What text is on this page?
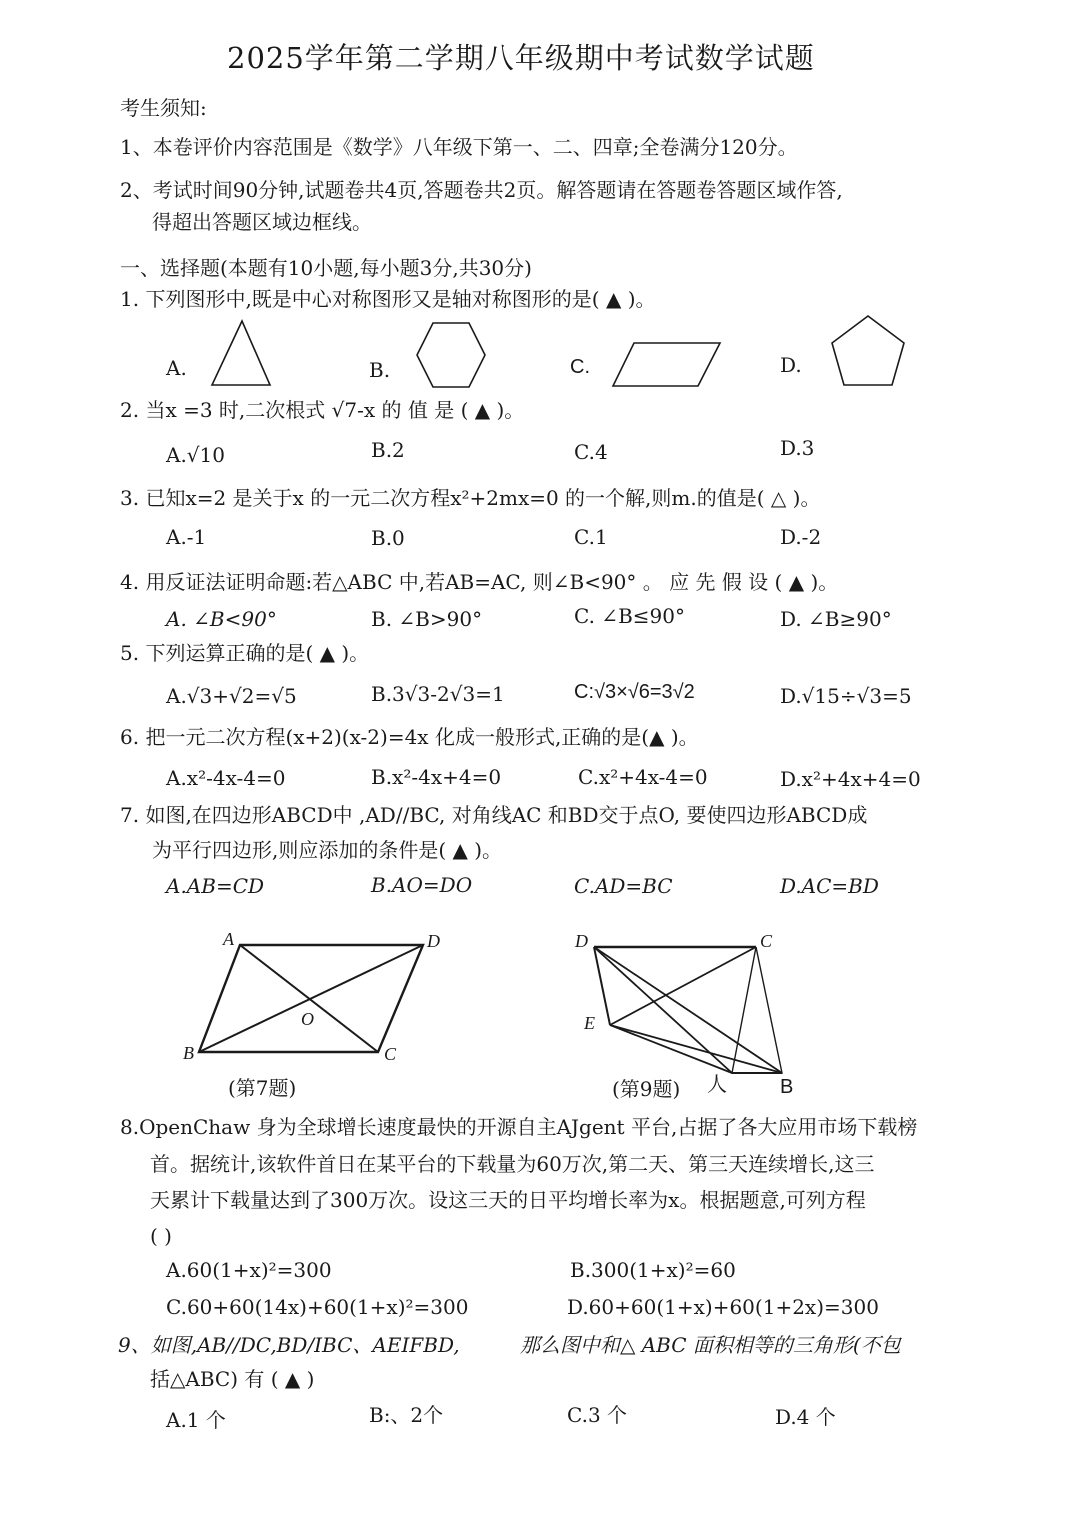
2025学年第二学期八年级期中考试数学试题
考生须知:
1、本卷评价内容范围是《数学》八年级下第一、二、四章;全卷满分120分。
2、考试时间90分钟,试题卷共4页,答题卷共2页。解答题请在答题卷答题区域作答,
得超出答题区域边框线。
一、选择题(本题有10小题,每小题3分,共30分)
1. 下列图形中,既是中心对称图形又是轴对称图形的是( ▲ )。
A.	B.	C.	D.
2. 当x =3 时,二次根式 √7-x 的 值 是 ( ▲ )。
A.√10	B.2	C.4	D.3
3. 已知x=2 是关于x 的一元二次方程x²+2mx=0 的一个解,则m.的值是( △ )。
A.-1	B.0	C.1	D.-2
4. 用反证法证明命题:若△ABC 中,若AB=AC, 则∠B<90° 。 应 先 假 设 ( ▲ )。
A. ∠B<90°	B. ∠B>90°	C. ∠B≤90°	D. ∠B≥90°
5. 下列运算正确的是( ▲ )。
A.√3+√2=√5	B.3√3-2√3=1	C:√3×√6=3√2	D.√15÷√3=5
6. 把一元二次方程(x+2)(x-2)=4x 化成一般形式,正确的是(▲ )。
A.x²-4x-4=0	B.x²-4x+4=0	C.x²+4x-4=0	D.x²+4x+4=0
7. 如图,在四边形ABCD中 ,AD//BC, 对角线AC 和BD交于点O, 要使四边形ABCD成
为平行四边形,则应添加的条件是( ▲ )。
A.AB=CD	B.AO=DO	C.AD=BC	D.AC=BD
A	D
O
B	C
(第7题)
D	C
E
(第9题) 人	B
8.OpenChaw 身为全球增长速度最快的开源自主AJgent 平台,占据了各大应用市场下载榜
首。据统计,该软件首日在某平台的下载量为60万次,第二天、第三天连续增长,这三
天累计下载量达到了300万次。设这三天的日平均增长率为x。根据题意,可列方程
( )
A.60(1+x)²=300	B.300(1+x)²=60
C.60+60(14x)+60(1+x)²=300	D.60+60(1+x)+60(1+2x)=300
9、如图,AB//DC,BD/IBC、AEIFBD,	那么图中和△ ABC 面积相等的三角形(不包
括△ABC) 有 ( ▲ )
A.1 个	B:、2个	C.3 个	D.4 个
